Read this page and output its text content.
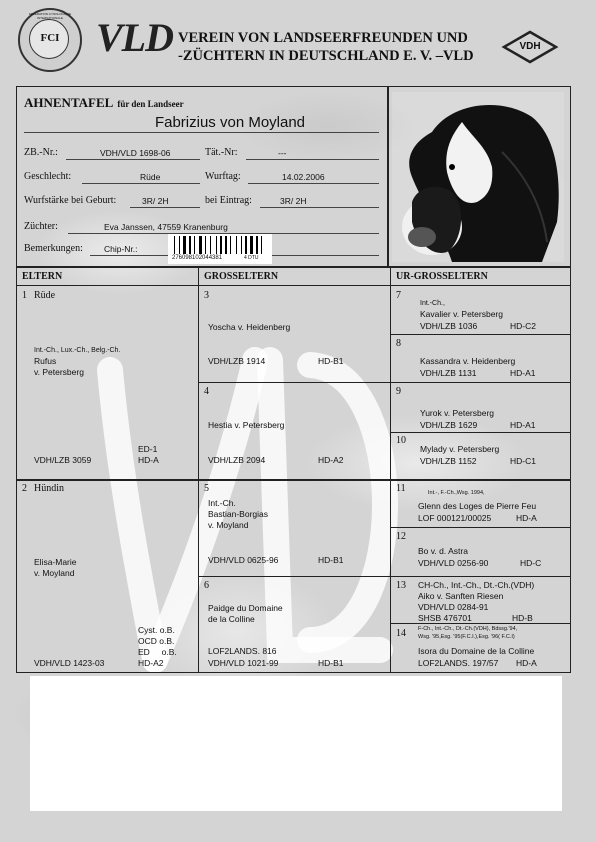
FCI
FEDERATION CYNOLOGIQUE INTERNATIONALE VLD VEREIN VON LANDSEERFREUNDEN UND
-ZÜCHTERN IN DEUTSCHLAND E. V. –VLD
VDH
AHNENTAFEL für den Landseer
Fabrizius von Moyland
ZB.-Nr.:	VDH/VLD 1698-06	Tät.-Nr:	---
Geschlecht:	Rüde	Wurftag:	14.02.2006
Wurfstärke bei Geburt:	3R/ 2H	bei Eintrag:	3R/ 2H
Züchter:	Eva Janssen, 47559 Kranenburg
Bemerkungen: Chip-Nr.:
276098102044381	4 DTU
ELTERN	GROSSELTERN	UR-GROSSELTERN
1 Rüde
Int.-Ch., Lux.-Ch., Belg.-Ch.
Rufus
v. Petersberg
ED-1
VDH/LZB 3059	HD-A
2 Hündin
Elisa-Marie
v. Moyland
Cyst. o.B.
OCD o.B.
ED     o.B.
VDH/VLD 1423-03	HD-A2
3
Yoscha v. Heidenberg
VDH/LZB 1914	HD-B1
4
Hestia v. Petersberg
VDH/LZB 2094	HD-A2
5
Int.-Ch.
Bastian-Borgias
v. Moyland
VDH/VLD 0625-96	HD-B1
6
Paidge du Domaine
de la Colline
LOF2LANDS. 816
VDH/VLD 1021-99	HD-B1
7
Int.-Ch.,
Kavalier v. Petersberg
VDH/LZB 1036	HD-C2
8
Kassandra v. Heidenberg
VDH/LZB 1131	HD-A1
9
Yurok v. Petersberg
VDH/LZB 1629	HD-A1
10
Mylady v. Petersberg
VDH/LZB 1152	HD-C1
11	Int.-, F.-Ch.,Wsg. 1994,
Glenn des Loges de Pierre Feu
LOF 000121/00025	HD-A
12
Bo v. d. Astra
VDH/VLD 0256-90	HD-C
13 CH-Ch., Int.-Ch., Dt.-Ch.(VDH)
Aiko v. Sanften Riesen
VDH/VLD 0284-91
SHSB 476701	HD-B
14 F-Ch., Int.-Ch., Dt.-Ch.(VDH), Bdssg.'94,
Wsg. '95,Esg. '95(F.C.I.),Esg. '96( F.C.I)
Isora du Domaine de la Colline
LOF2LANDS. 197/57 HD-A
